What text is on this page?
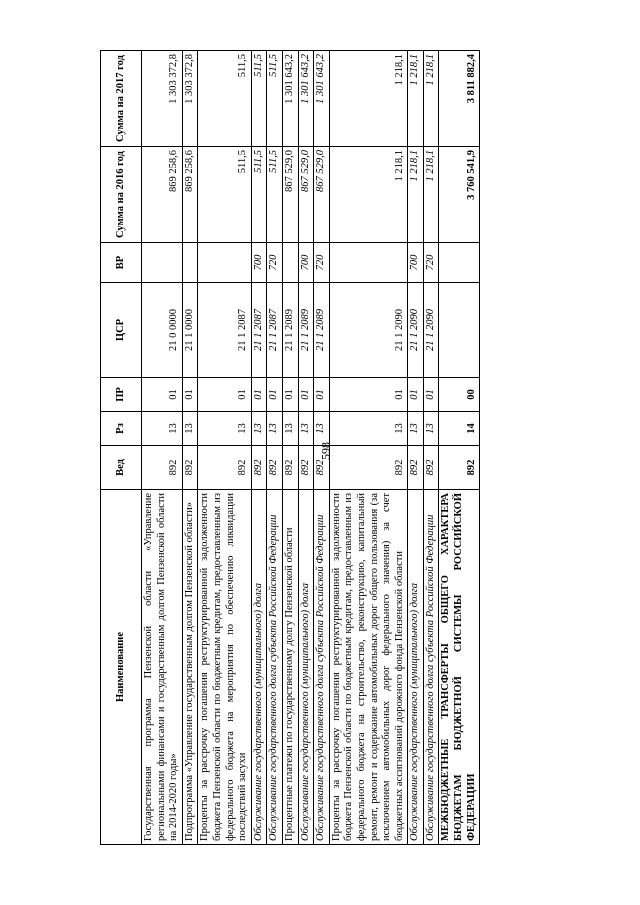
598
Наименование	Вед	Рз	ПР	ЦСР	ВР	Сумма на 2016 год	Сумма на 2017 год
Государственная программа Пензенской области «Управление региональными финансами и государственным долгом Пензенской области на 2014-2020 годы»	892	13	01	21 0 0000		869 258,6	1 303 372,8
Подпрограмма «Управление государственным долгом Пензенской области»	892	13	01	21 1 0000		869 258,6	1 303 372,8
Проценты за рассрочку погашения реструктурированной задолженности бюджета Пензенской области по бюджетным кредитам, предоставленным из федерального бюджета на мероприятия по обеспечению ликвидации последствий засухи	892	13	01	21 1 2087		511,5	511,5
Обслуживание государственного (муниципального) долга	892	13	01	21 1 2087	700	511,5	511,5
Обслуживание государственного долга субъекта Российской Федерации	892	13	01	21 1 2087	720	511,5	511,5
Процентные платежи по государственному долгу Пензенской области	892	13	01	21 1 2089		867 529,0	1 301 643,2
Обслуживание государственного (муниципального) долга	892	13	01	21 1 2089	700	867 529,0	1 301 643,2
Обслуживание государственного долга субъекта Российской Федерации	892	13	01	21 1 2089	720	867 529,0	1 301 643,2
Проценты за рассрочку погашения реструктурированной задолженности бюджета Пензенской области по бюджетным кредитам, предоставленным из федерального бюджета на строительство, реконструкцию, капитальный ремонт, ремонт и содержание автомобильных дорог общего пользования (за исключением автомобильных дорог федерального значения) за счет бюджетных ассигнований дорожного фонда Пензенской области	892	13	01	21 1 2090		1 218,1	1 218,1
Обслуживание государственного (муниципального) долга	892	13	01	21 1 2090	700	1 218,1	1 218,1
Обслуживание государственного долга субъекта Российской Федерации	892	13	01	21 1 2090	720	1 218,1	1 218,1
МЕЖБЮДЖЕТНЫЕ ТРАНСФЕРТЫ ОБЩЕГО ХАРАКТЕРА БЮДЖЕТАМ БЮДЖЕТНОЙ СИСТЕМЫ РОССИЙСКОЙ ФЕДЕРАЦИИ	892	14	00			3 760 541,9	3 811 882,4
